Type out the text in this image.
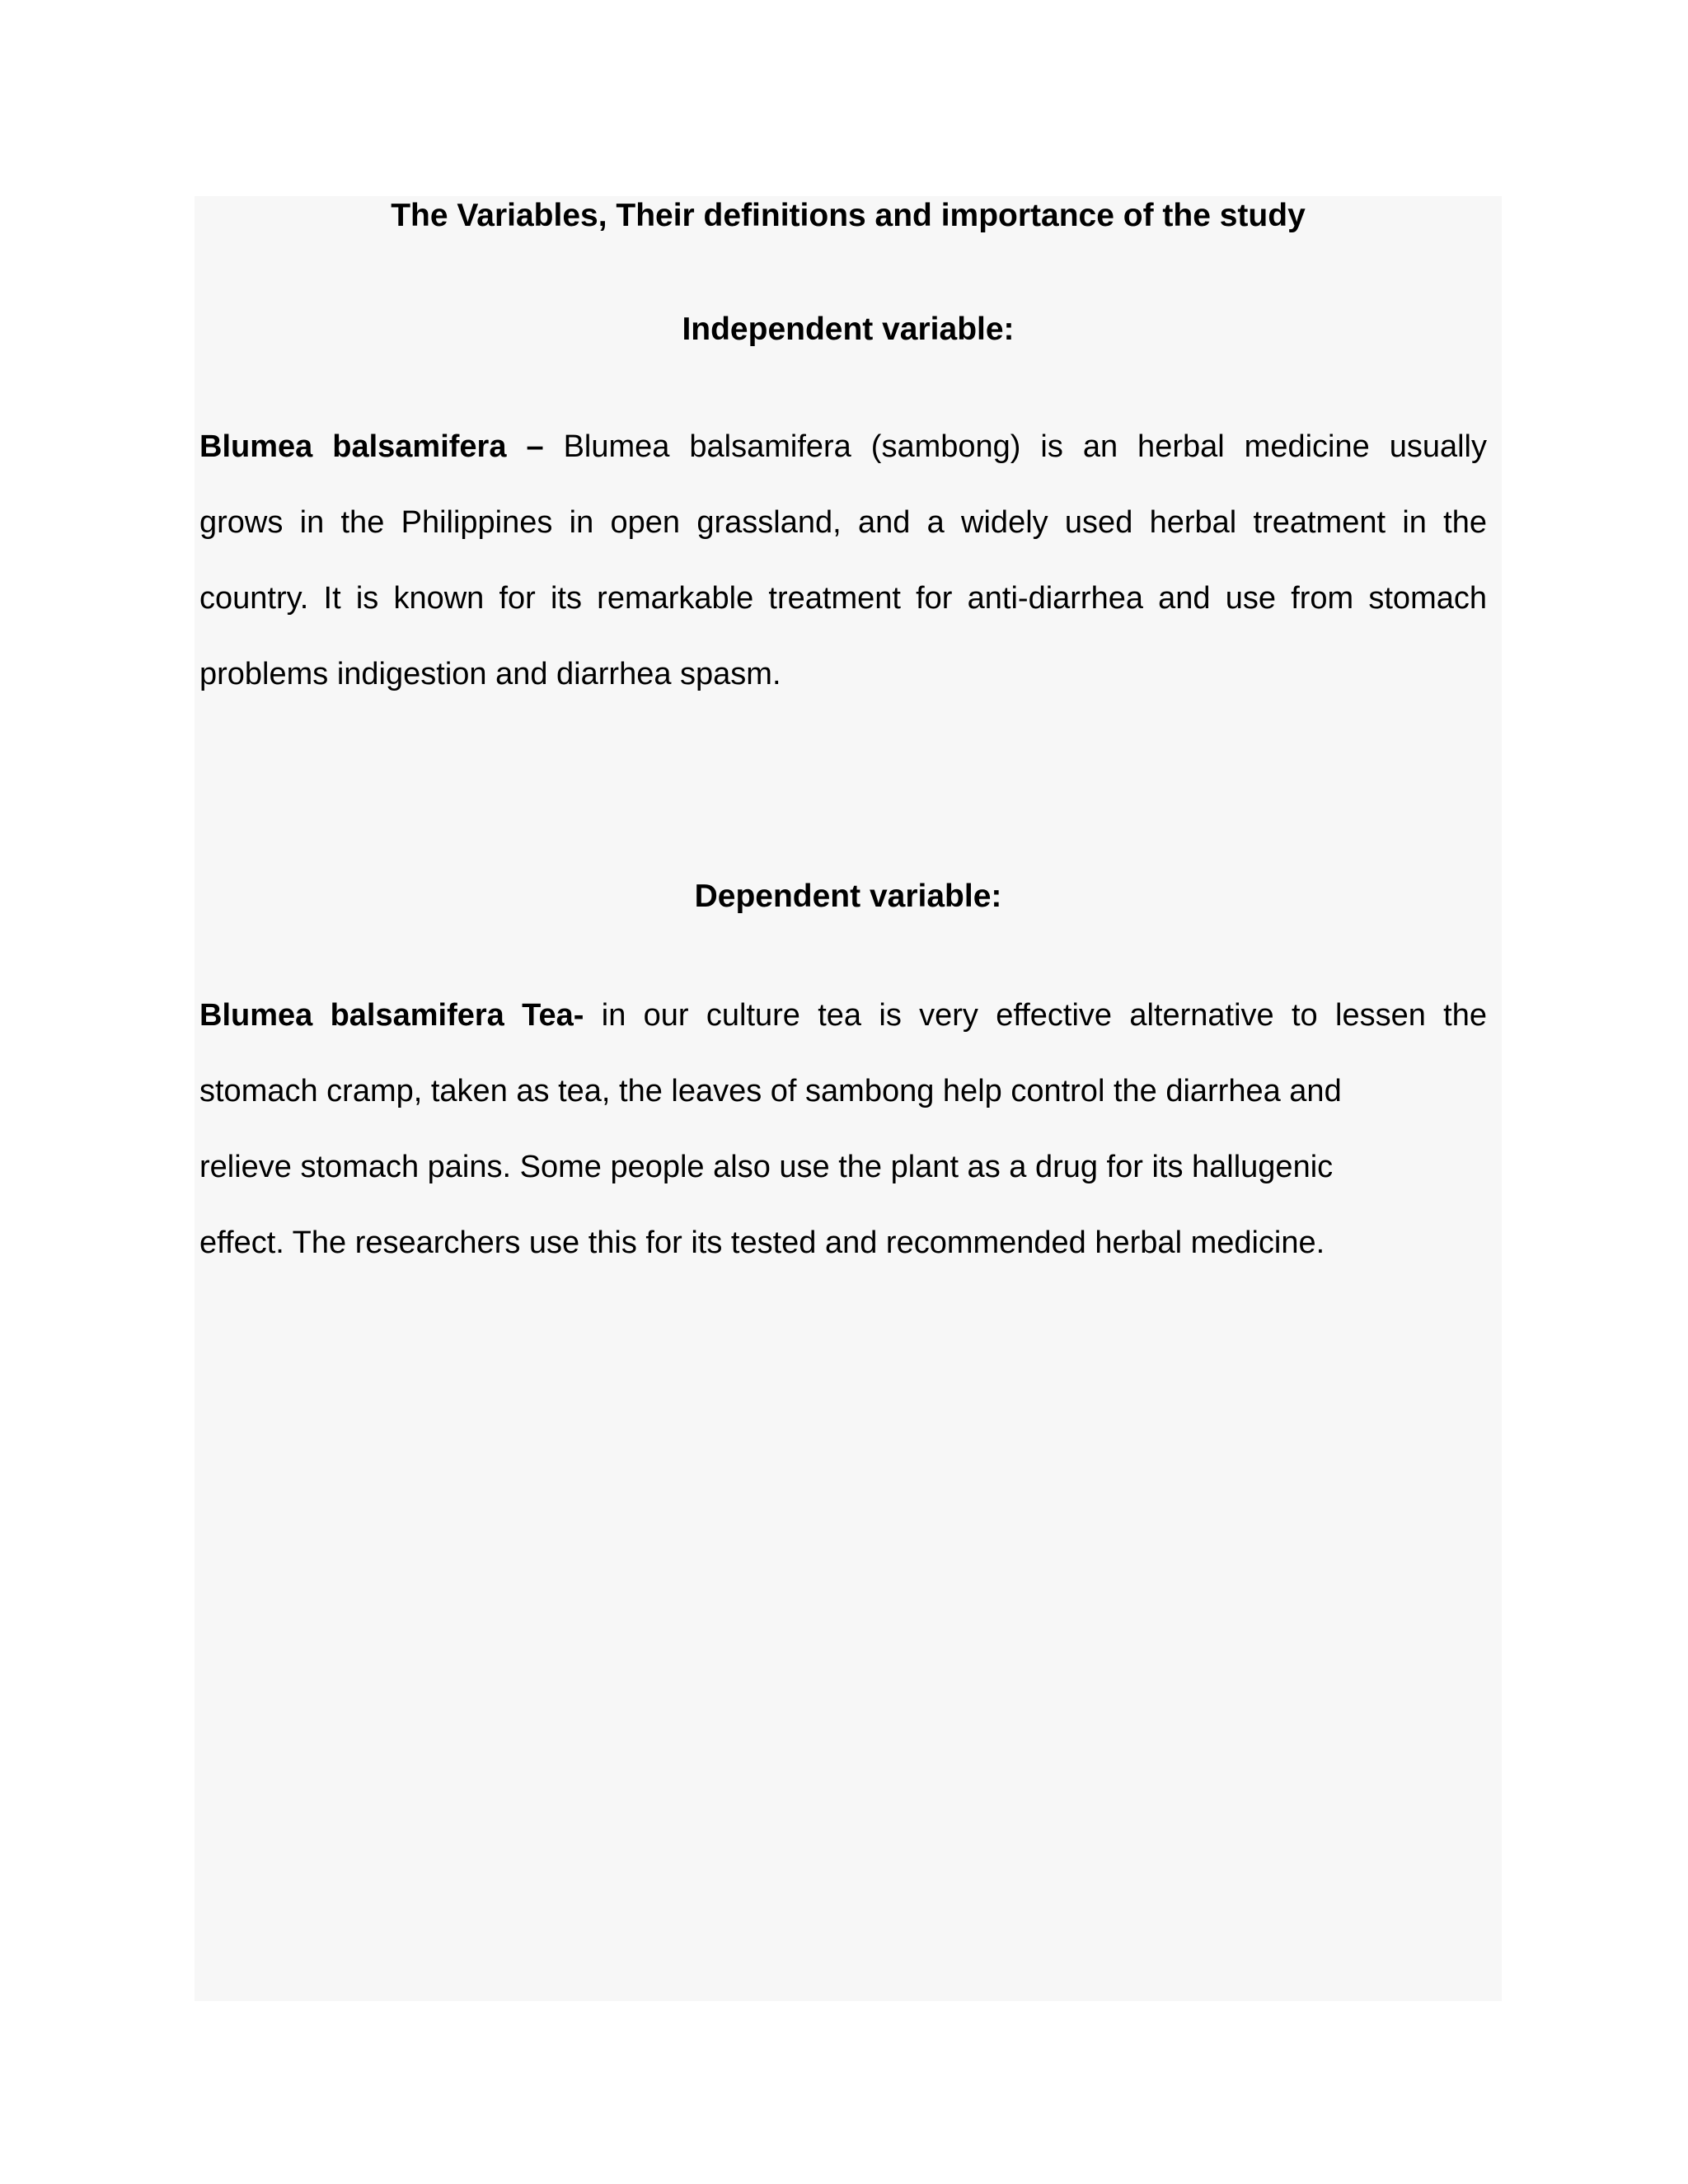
The Variables, Their definitions and importance of the study
Independent variable:

Blumea balsamifera – Blumea balsamifera (sambong) is an herbal medicine usually
grows in the Philippines in open grassland, and a widely used herbal treatment in the
country. It is known for its remarkable treatment for anti-diarrhea and use from stomach
problems indigestion and diarrhea spasm.

Dependent variable:

Blumea balsamifera Tea- in our culture tea is very effective alternative to lessen the
stomach cramp, taken as tea, the leaves of sambong help control the diarrhea and
relieve stomach pains. Some people also use the plant as a drug for its hallugenic
effect. The researchers use this for its tested and recommended herbal medicine.
